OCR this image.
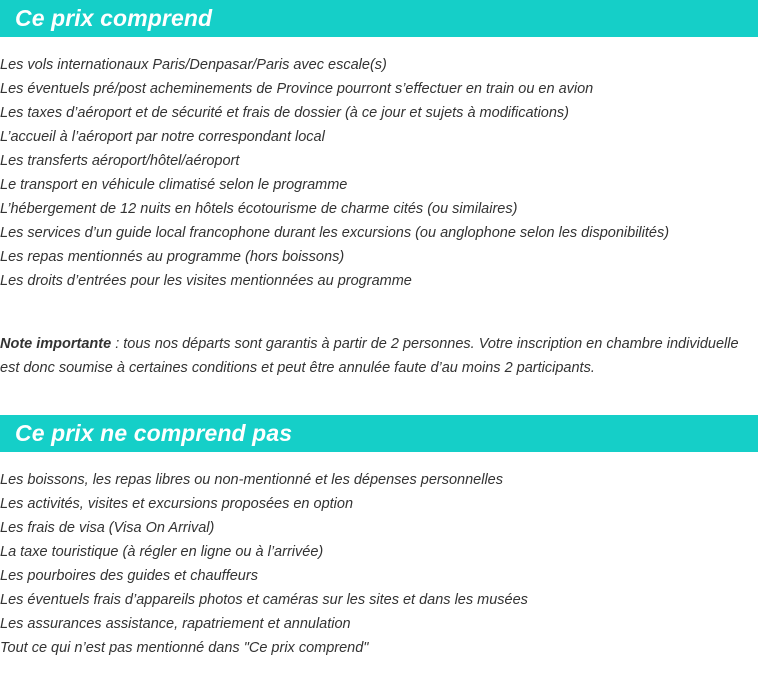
Ce prix comprend
Les vols internationaux Paris/Denpasar/Paris avec escale(s)
Les éventuels pré/post acheminements de Province pourront s’effectuer en train ou en avion
Les taxes d’aéroport et de sécurité et frais de dossier (à ce jour et sujets à modifications)
L’accueil à l’aéroport par notre correspondant local
Les transferts aéroport/hôtel/aéroport
Le transport en véhicule climatisé selon le programme
L’hébergement de 12 nuits en hôtels écotourisme de charme cités (ou similaires)
Les services d’un guide local francophone durant les excursions (ou anglophone selon les disponibilités)
Les repas mentionnés au programme (hors boissons)
Les droits d’entrées pour les visites mentionnées au programme

Note importante : tous nos départs sont garantis à partir de 2 personnes. Votre inscription en chambre individuelle est donc soumise à certaines conditions et peut être annulée faute d’au moins 2 participants.

Ce prix ne comprend pas
Les boissons, les repas libres ou non-mentionné et les dépenses personnelles
Les activités, visites et excursions proposées en option
Les frais de visa (Visa On Arrival)
La taxe touristique (à régler en ligne ou à l’arrivée)
Les pourboires des guides et chauffeurs
Les éventuels frais d’appareils photos et caméras sur les sites et dans les musées
Les assurances assistance, rapatriement et annulation
Tout ce qui n’est pas mentionné dans "Ce prix comprend"
